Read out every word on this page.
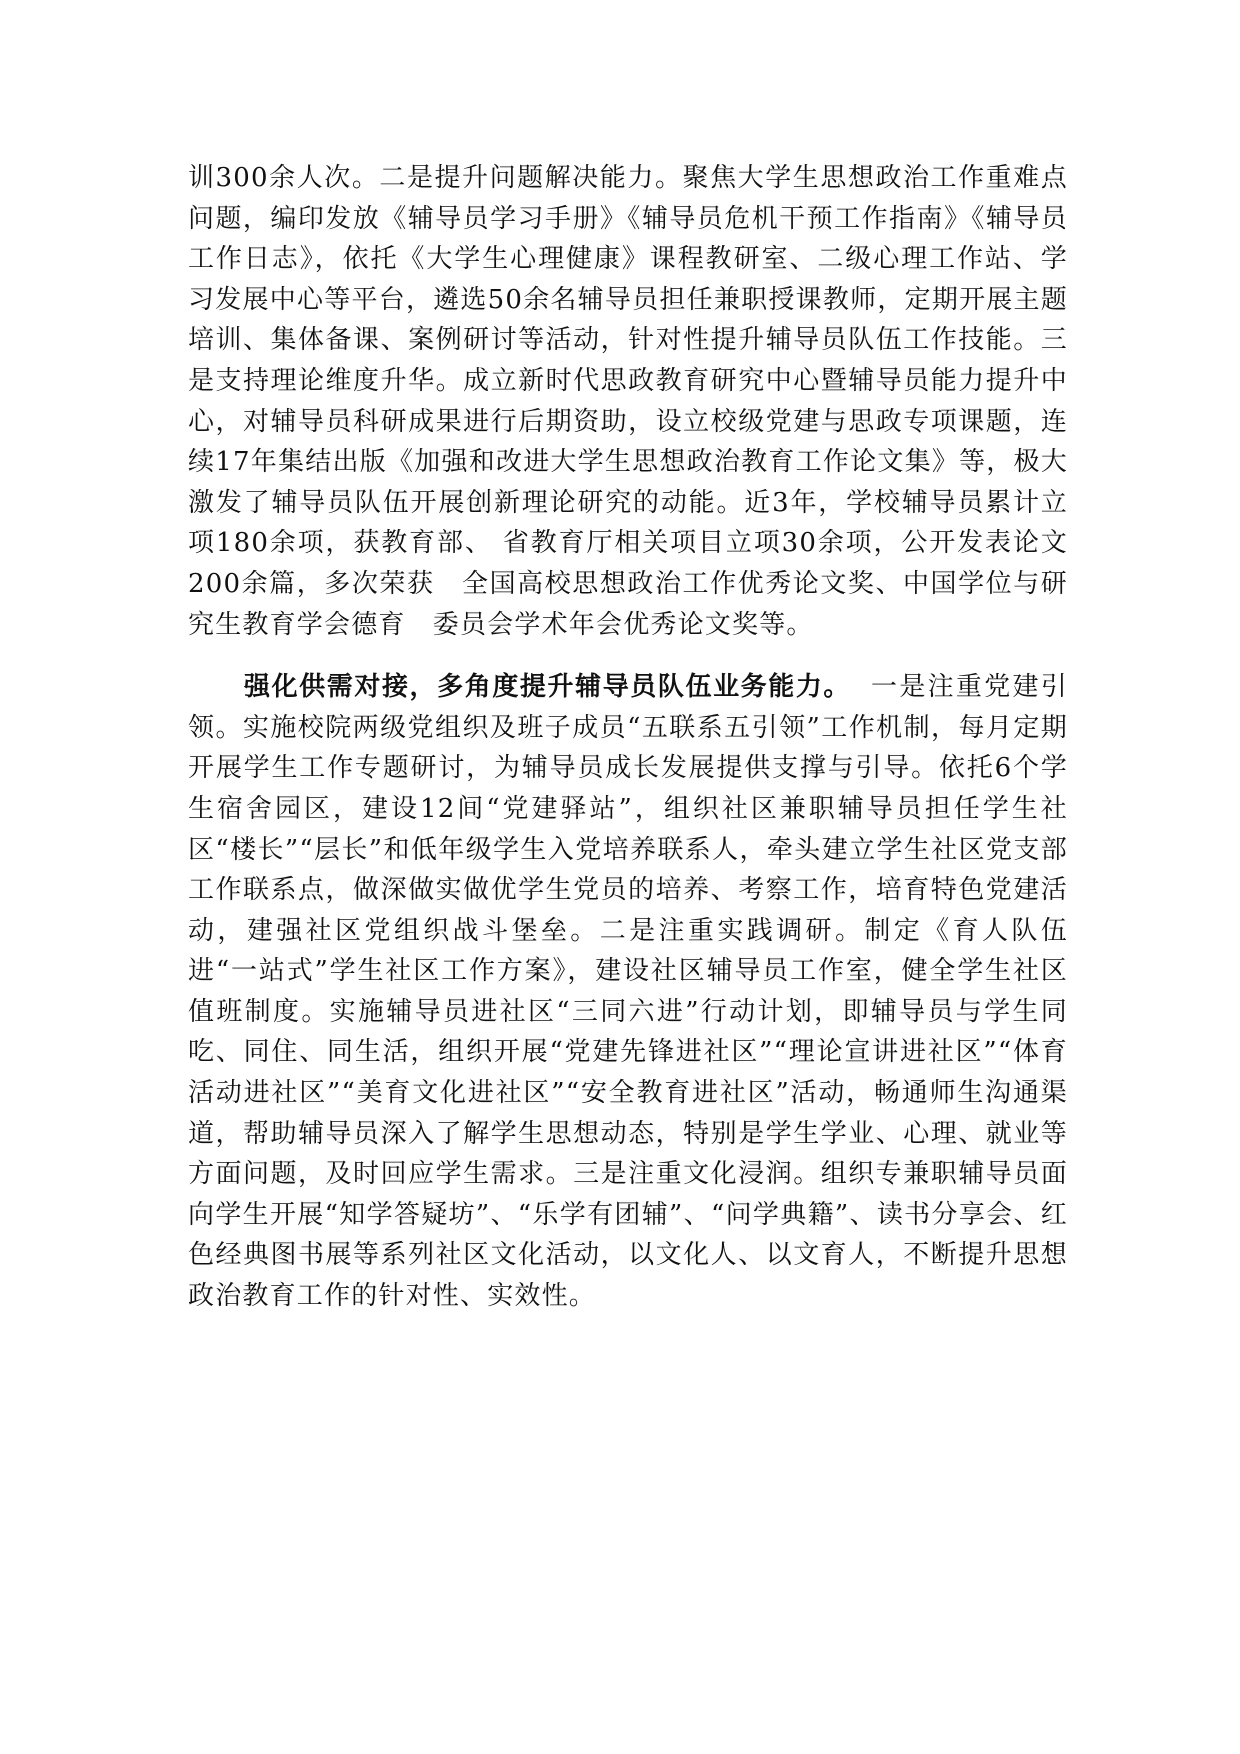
训300余人次。二是提升问题解决能力。聚焦大学生思想政治工作重难点问题，编印发放《辅导员学习手册》《辅导员危机干预工作指南》《辅导员工作日志》，依托《大学生心理健康》课程教研室、二级心理工作站、学习发展中心等平台，遴选50余名辅导员担任兼职授课教师，定期开展主题培训、集体备课、案例研讨等活动，针对性提升辅导员队伍工作技能。三是支持理论维度升华。成立新时代思政教育研究中心暨辅导员能力提升中心，对辅导员科研成果进行后期资助，设立校级党建与思政专项课题，连续17年集结出版《加强和改进大学生思想政治教育工作论文集》等，极大激发了辅导员队伍开展创新理论研究的动能。近3年，学校辅导员累计立项180余项，获教育部、 省教育厅相关项目立项30余项，公开发表论文200余篇，多次荣获　全国高校思想政治工作优秀论文奖、中国学位与研究生教育学会德育　委员会学术年会优秀论文奖等。

强化供需对接，多角度提升辅导员队伍业务能力。 一是注重党建引领。实施校院两级党组织及班子成员“五联系五引领”工作机制，每月定期开展学生工作专题研讨，为辅导员成长发展提供支撑与引导。依托6个学生宿舍园区，建设12间“党建驿站”，组织社区兼职辅导员担任学生社区“楼长”“层长”和低年级学生入党培养联系人，牵头建立学生社区党支部工作联系点，做深做实做优学生党员的培养、考察工作，培育特色党建活动，建强社区党组织战斗堡垒。二是注重实践调研。制定《育人队伍进“一站式”学生社区工作方案》，建设社区辅导员工作室，健全学生社区值班制度。实施辅导员进社区“三同六进”行动计划，即辅导员与学生同吃、同住、同生活，组织开展“党建先锋进社区”“理论宣讲进社区”“体育活动进社区”“美育文化进社区”“安全教育进社区”活动，畅通师生沟通渠道，帮助辅导员深入了解学生思想动态，特别是学生学业、心理、就业等方面问题，及时回应学生需求。三是注重文化浸润。组织专兼职辅导员面向学生开展“知学答疑坊”、“乐学有团辅”、“问学典籍”、读书分享会、红色经典图书展等系列社区文化活动，以文化人、以文育人，不断提升思想政治教育工作的针对性、实效性。
